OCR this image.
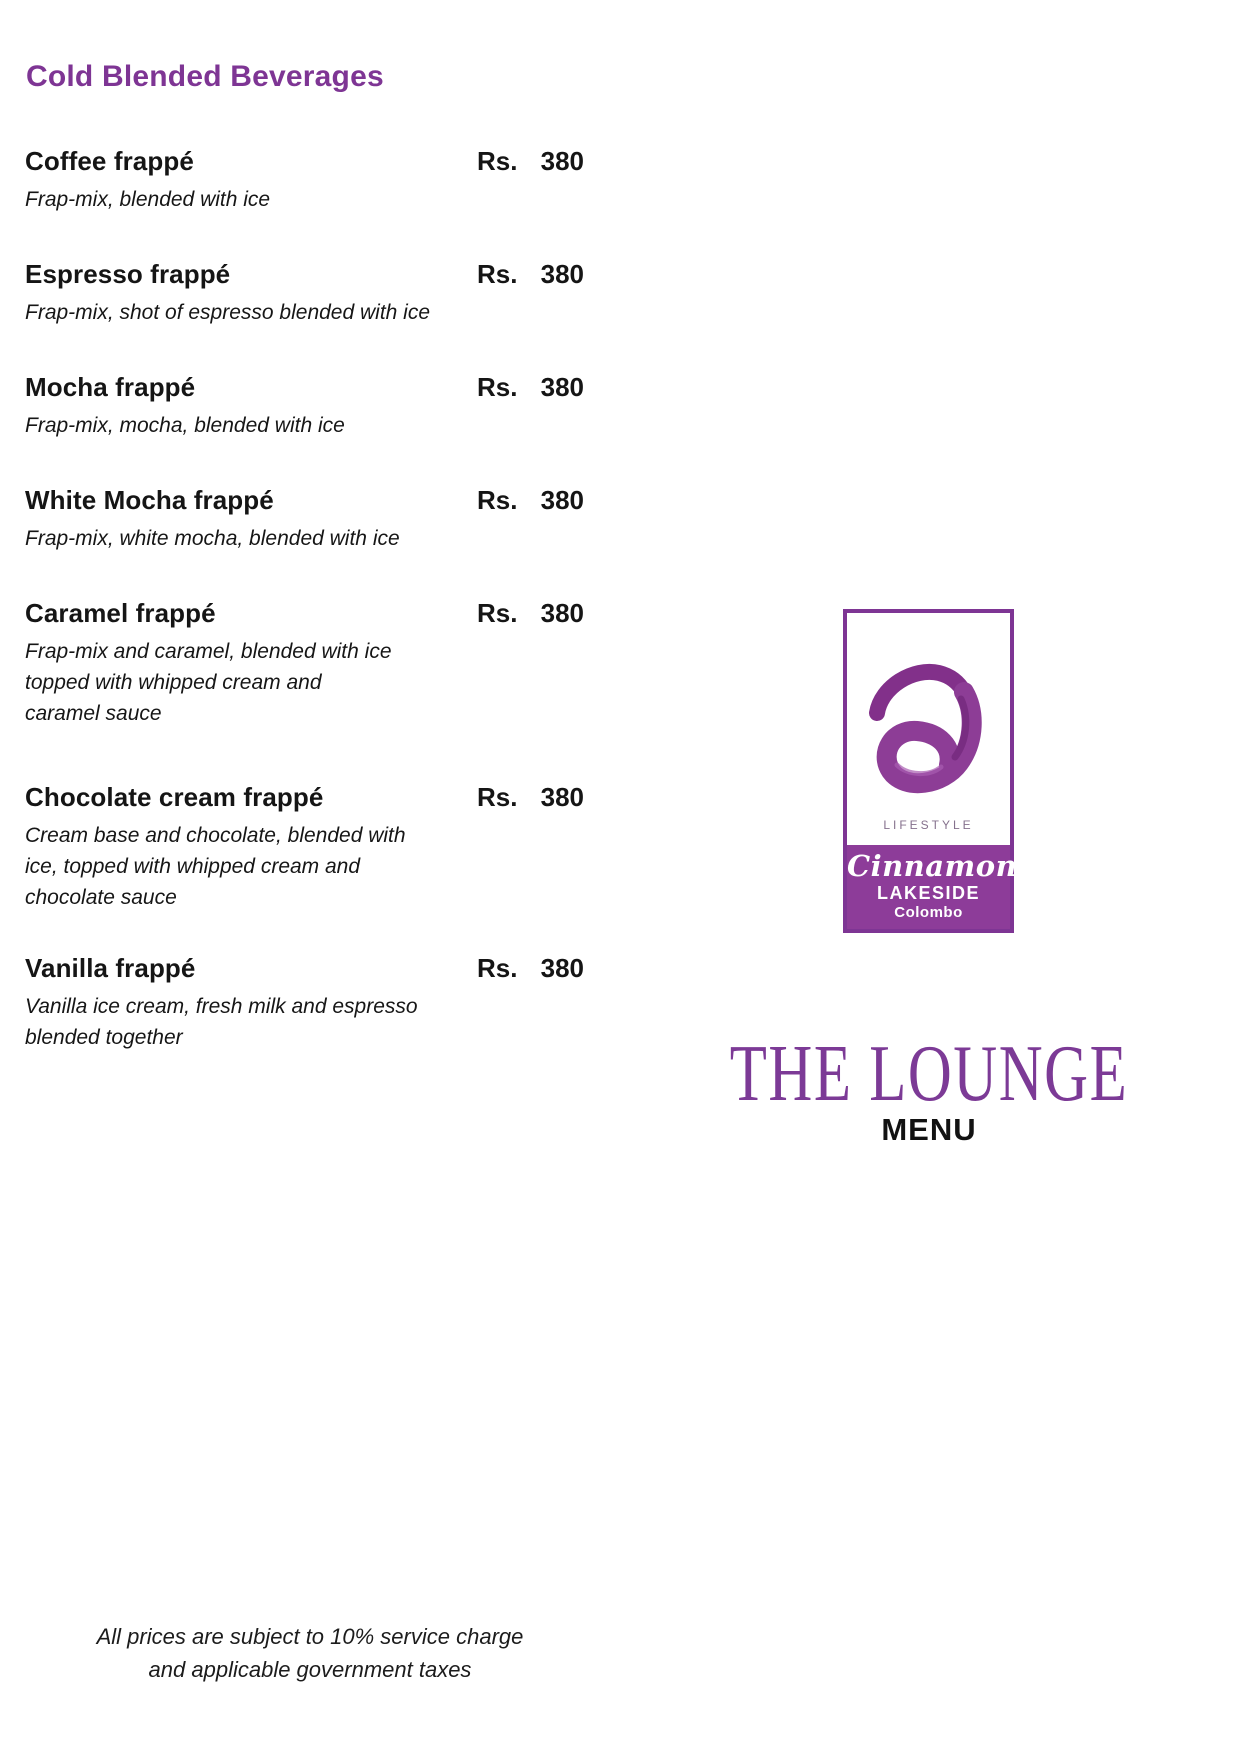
Cold Blended Beverages
Coffee frappé	Rs. 380
Frap-mix, blended with ice
Espresso frappé	Rs. 380
Frap-mix, shot of espresso blended with ice
Mocha frappé	Rs. 380
Frap-mix, mocha, blended with ice
White Mocha frappé	Rs. 380
Frap-mix, white mocha, blended with ice
Caramel frappé	Rs. 380
Frap-mix and caramel, blended with ice
topped with whipped cream and
caramel sauce
Chocolate cream frappé	Rs. 380
Cream base and chocolate, blended with
ice, topped with whipped cream and
chocolate sauce
Vanilla frappé	Rs. 380
Vanilla ice cream, fresh milk and espresso
blended together
LIFESTYLE
Cinnamon
LAKESIDE
Colombo
THE LOUNGE
MENU
All prices are subject to 10% service charge
and applicable government taxes
